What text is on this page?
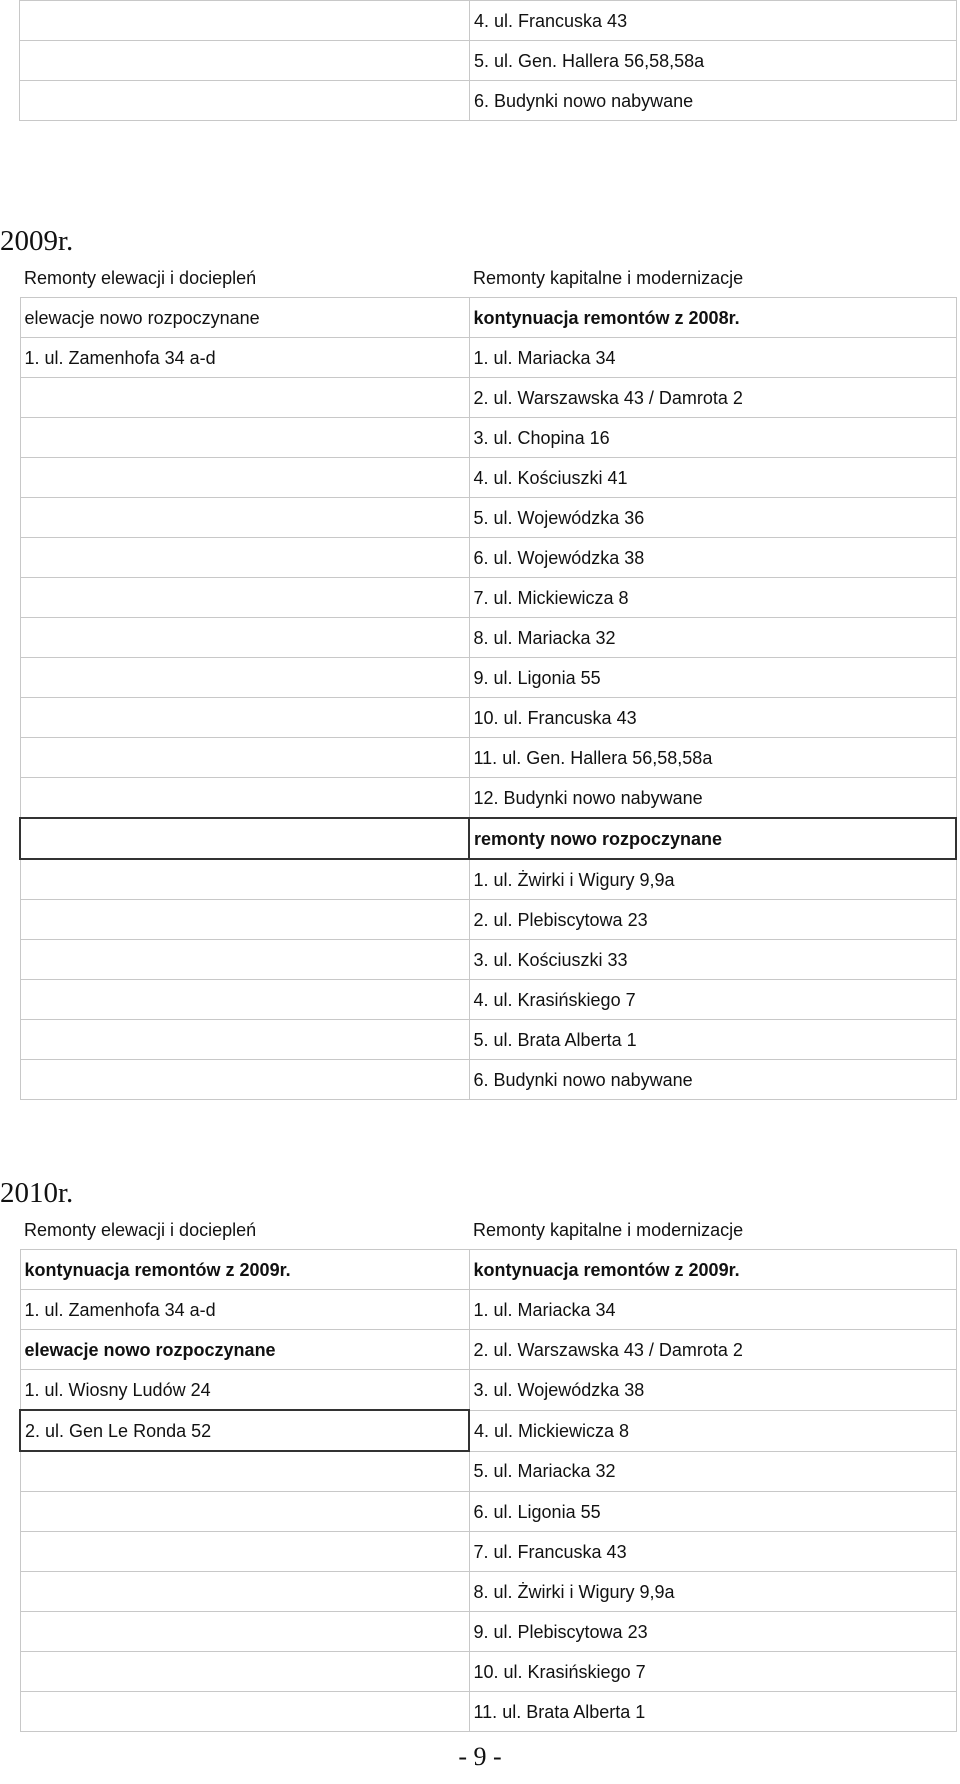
	4. ul. Francuska 43
	5. ul. Gen. Hallera 56,58,58a
	6. Budynki nowo nabywane
2009r.
Remonty elewacji i dociepleń	Remonty kapitalne i modernizacje
elewacje nowo rozpoczynane	kontynuacja remontów z 2008r.
1. ul. Zamenhofa 34 a-d	1. ul. Mariacka 34
	2. ul. Warszawska 43 / Damrota 2
	3. ul. Chopina 16
	4. ul. Kościuszki 41
	5. ul. Wojewódzka 36
	6. ul. Wojewódzka 38
	7. ul. Mickiewicza 8
	8. ul. Mariacka 32
	9. ul. Ligonia 55
	10. ul. Francuska 43
	11. ul. Gen. Hallera 56,58,58a
	12. Budynki nowo nabywane
	remonty nowo rozpoczynane
	1. ul. Żwirki i Wigury 9,9a
	2. ul. Plebiscytowa 23
	3. ul. Kościuszki 33
	4. ul. Krasińskiego 7
	5. ul. Brata Alberta 1
	6. Budynki nowo nabywane
2010r.
Remonty elewacji i dociepleń	Remonty kapitalne i modernizacje
kontynuacja remontów z 2009r.	kontynuacja remontów z 2009r.
1. ul. Zamenhofa 34 a-d	1. ul. Mariacka 34
elewacje nowo rozpoczynane	2. ul. Warszawska 43 / Damrota 2
1. ul. Wiosny Ludów 24	3. ul. Wojewódzka 38
2. ul. Gen Le Ronda 52	4. ul. Mickiewicza 8
	5. ul. Mariacka 32
	6. ul. Ligonia 55
	7. ul. Francuska 43
	8. ul. Żwirki i Wigury 9,9a
	9. ul. Plebiscytowa 23
	10. ul. Krasińskiego 7
	11. ul. Brata Alberta 1
- 9 -
